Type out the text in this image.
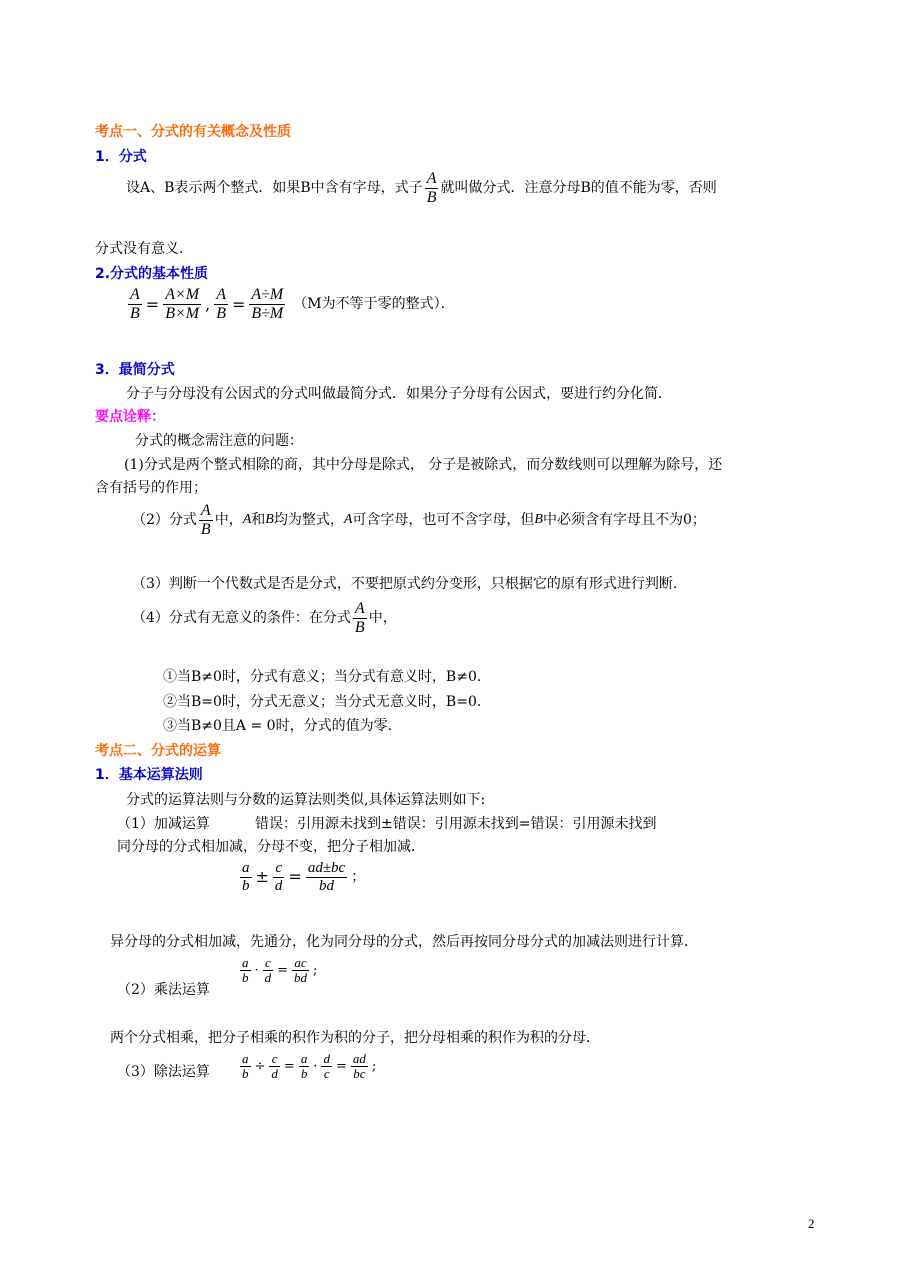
考点一、分式的有关概念及性质
1．分式
设A、B表示两个整式．如果B中含有字母，式子 $\frac{A}{B}$ 就叫做分式．注意分母B的值不能为零，否则
分式没有意义．
2.分式的基本性质
$\frac{A}{B} = \frac{A\times M}{B\times M}$ , $\frac{A}{B} = \frac{A\div M}{B\div M} (M$为不等于零的整式）．
3．最简分式
分子与分母没有公因式的分式叫做最简分式．如果分子分母有公因式，要进行约分化简．
要点诠释：
分式的概念需注意的问题：
(1)分式是两个整式相除的商，其中分母是除式， 分子是被除式，而分数线则可以理解为除号，还
含有括号的作用；
（2）分式 $\frac{A}{B}$ 中， A 和 B 均为整式， A 可含字母，也可不含字母，但 B 中必须含有字母且不为0；
（3）判断一个代数式是否是分式，不要把原式约分变形，只根据它的原有形式进行判断．
（4）分式有无意义的条件：在分式 $\frac{A}{B}$ 中，
①当B≠0时，分式有意义；当分式有意义时，B≠0．
②当B=0时，分式无意义；当分式无意义时，B=0．
③当B≠0且A = 0时，分式的值为零．
考点二、分式的运算
1．基本运算法则
分式的运算法则与分数的运算法则类似,具体运算法则如下:
（1）加减运算	错误：引用源未找到±错误：引用源未找到=错误：引用源未找到
同分母的分式相加减，分母不变，把分子相加减．
$\frac{a}{b} \pm \frac{c}{d} = \frac{ad\pm bc}{bd}$ ；
异分母的分式相加减，先通分，化为同分母的分式，然后再按同分母分式的加减法则进行计算．
（2）乘法运算
$\frac{a}{b} \cdot \frac{c}{d} = \frac{ac}{bd}$ ;
两个分式相乘，把分子相乘的积作为积的分子，把分母相乘的积作为积的分母．
（3）除法运算 $\frac{a}{b} \div \frac{c}{d} = \frac{a}{b} \cdot \frac{d}{c} = \frac{ad}{bc}$ ;
2
